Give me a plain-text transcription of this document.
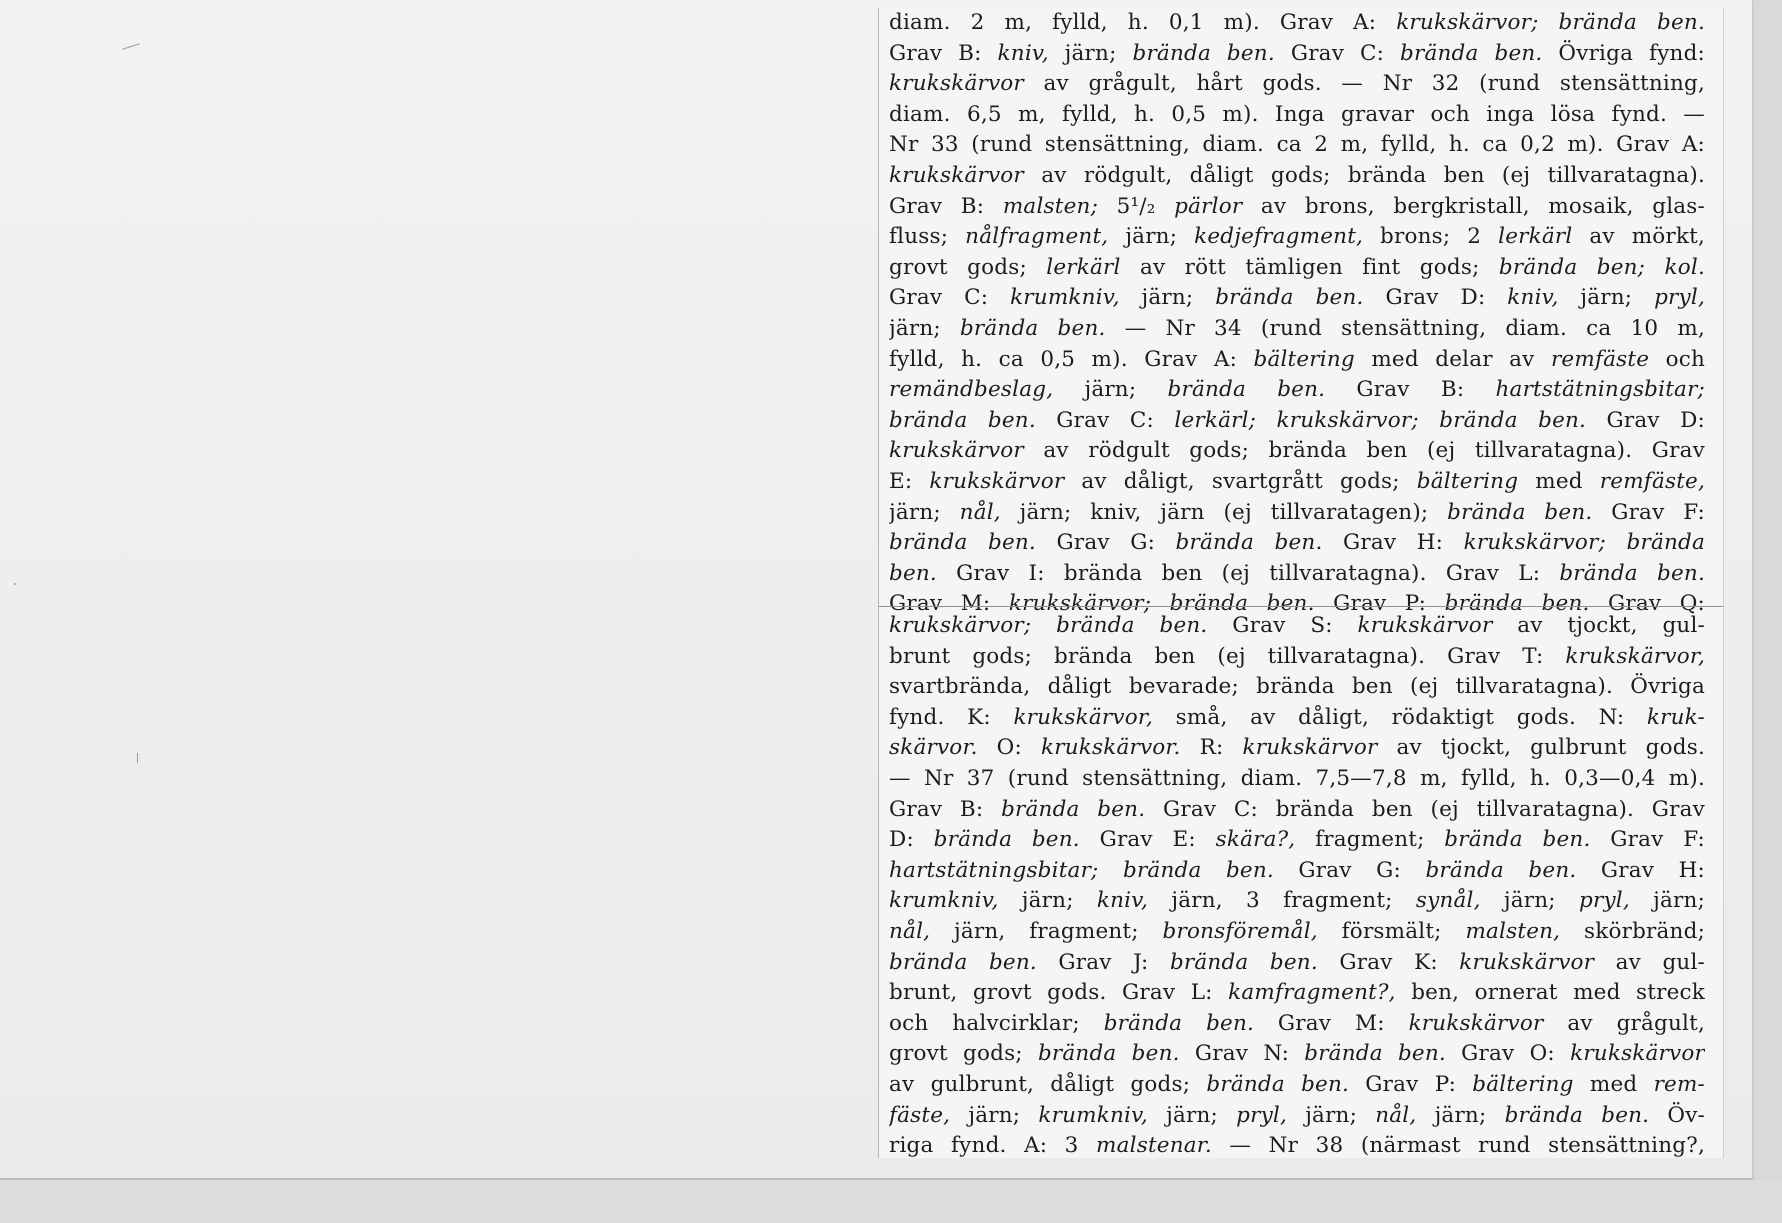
diam. 2 m, fylld, h. 0,1 m). Grav A: krukskärvor; brända ben.
Grav B: kniv, järn; brända ben. Grav C: brända ben. Övriga fynd:
krukskärvor av grågult, hårt gods. — Nr 32 (rund stensättning,
diam. 6,5 m, fylld, h. 0,5 m). Inga gravar och inga lösa fynd. —
Nr 33 (rund stensättning, diam. ca 2 m, fylld, h. ca 0,2 m). Grav A:
krukskärvor av rödgult, dåligt gods; brända ben (ej tillvaratagna).
Grav B: malsten; 5¹/₂ pärlor av brons, bergkristall, mosaik, glas-
fluss; nålfragment, järn; kedjefragment, brons; 2 lerkärl av mörkt,
grovt gods; lerkärl av rött tämligen fint gods; brända ben; kol.
Grav C: krumkniv, järn; brända ben. Grav D: kniv, järn; pryl,
järn; brända ben. — Nr 34 (rund stensättning, diam. ca 10 m,
fylld, h. ca 0,5 m). Grav A: bältering med delar av remfäste och
remändbeslag, järn; brända ben. Grav B: hartstätningsbitar;
brända ben. Grav C: lerkärl; krukskärvor; brända ben. Grav D:
krukskärvor av rödgult gods; brända ben (ej tillvaratagna). Grav
E: krukskärvor av dåligt, svartgrått gods; bältering med remfäste,
järn; nål, järn; kniv, järn (ej tillvaratagen); brända ben. Grav F:
brända ben. Grav G: brända ben. Grav H: krukskärvor; brända
ben. Grav I: brända ben (ej tillvaratagna). Grav L: brända ben.
Grav M: krukskärvor; brända ben. Grav P: brända ben. Grav Q:
krukskärvor; brända ben. Grav S: krukskärvor av tjockt, gul-
brunt gods; brända ben (ej tillvaratagna). Grav T: krukskärvor,
svartbrända, dåligt bevarade; brända ben (ej tillvaratagna). Övriga
fynd. K: krukskärvor, små, av dåligt, rödaktigt gods. N: kruk-
skärvor. O: krukskärvor. R: krukskärvor av tjockt, gulbrunt gods.
— Nr 37 (rund stensättning, diam. 7,5—7,8 m, fylld, h. 0,3—0,4 m).
Grav B: brända ben. Grav C: brända ben (ej tillvaratagna). Grav
D: brända ben. Grav E: skära?, fragment; brända ben. Grav F:
hartstätningsbitar; brända ben. Grav G: brända ben. Grav H:
krumkniv, järn; kniv, järn, 3 fragment; synål, järn; pryl, järn;
nål, järn, fragment; bronsföremål, försmält; malsten, skörbränd;
brända ben. Grav J: brända ben. Grav K: krukskärvor av gul-
brunt, grovt gods. Grav L: kamfragment?, ben, ornerat med streck
och halvcirklar; brända ben. Grav M: krukskärvor av grågult,
grovt gods; brända ben. Grav N: brända ben. Grav O: krukskärvor
av gulbrunt, dåligt gods; brända ben. Grav P: bältering med rem-
fäste, järn; krumkniv, järn; pryl, järn; nål, järn; brända ben. Öv-
riga fynd. A: 3 malstenar. — Nr 38 (närmast rund stensättning?,
